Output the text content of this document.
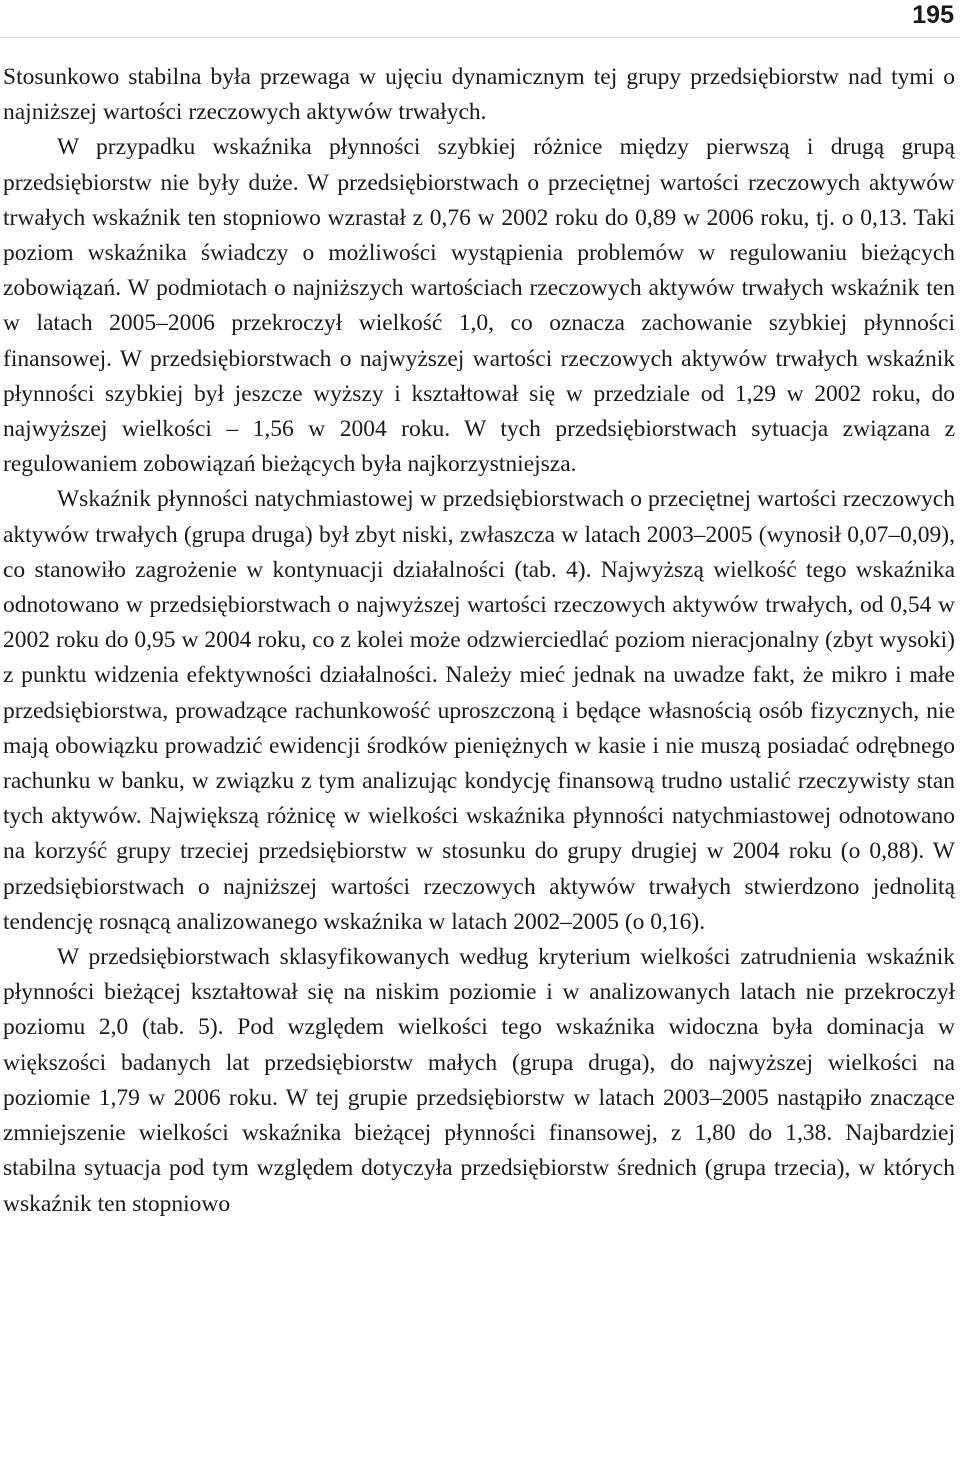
195

Stosunkowo stabilna była przewaga w ujęciu dynamicznym tej grupy przedsiębiorstw nad tymi o najniższej wartości rzeczowych aktywów trwałych.

W przypadku wskaźnika płynności szybkiej różnice między pierwszą i drugą grupą przedsiębiorstw nie były duże. W przedsiębiorstwach o przeciętnej wartości rzeczowych aktywów trwałych wskaźnik ten stopniowo wzrastał z 0,76 w 2002 roku do 0,89 w 2006 roku, tj. o 0,13. Taki poziom wskaźnika świadczy o możliwości wystąpienia problemów w regulowaniu bieżących zobowiązań. W podmiotach o najniższych wartościach rzeczowych aktywów trwałych wskaźnik ten w latach 2005–2006 przekroczył wielkość 1,0, co oznacza zachowanie szybkiej płynności finansowej. W przedsiębiorstwach o najwyższej wartości rzeczowych aktywów trwałych wskaźnik płynności szybkiej był jeszcze wyższy i kształtował się w przedziale od 1,29 w 2002 roku, do najwyższej wielkości – 1,56 w 2004 roku. W tych przedsiębiorstwach sytuacja związana z regulowaniem zobowiązań bieżących była najkorzystniejsza.

Wskaźnik płynności natychmiastowej w przedsiębiorstwach o przeciętnej wartości rzeczowych aktywów trwałych (grupa druga) był zbyt niski, zwłaszcza w latach 2003–2005 (wynosił 0,07–0,09), co stanowiło zagrożenie w kontynuacji działalności (tab. 4). Najwyższą wielkość tego wskaźnika odnotowano w przedsiębiorstwach o najwyższej wartości rzeczowych aktywów trwałych, od 0,54 w 2002 roku do 0,95 w 2004 roku, co z kolei może odzwierciedlać poziom nieracjonalny (zbyt wysoki) z punktu widzenia efektywności działalności. Należy mieć jednak na uwadze fakt, że mikro i małe przedsiębiorstwa, prowadzące rachunkowość uproszczoną i będące własnością osób fizycznych, nie mają obowiązku prowadzić ewidencji środków pieniężnych w kasie i nie muszą posiadać odrębnego rachunku w banku, w związku z tym analizując kondycję finansową trudno ustalić rzeczywisty stan tych aktywów. Największą różnicę w wielkości wskaźnika płynności natychmiastowej odnotowano na korzyść grupy trzeciej przedsiębiorstw w stosunku do grupy drugiej w 2004 roku (o 0,88). W przedsiębiorstwach o najniższej wartości rzeczowych aktywów trwałych stwierdzono jednolitą tendencję rosnącą analizowanego wskaźnika w latach 2002–2005 (o 0,16).

W przedsiębiorstwach sklasyfikowanych według kryterium wielkości zatrudnienia wskaźnik płynności bieżącej kształtował się na niskim poziomie i w analizowanych latach nie przekroczył poziomu 2,0 (tab. 5). Pod względem wielkości tego wskaźnika widoczna była dominacja w większości badanych lat przedsiębiorstw małych (grupa druga), do najwyższej wielkości na poziomie 1,79 w 2006 roku. W tej grupie przedsiębiorstw w latach 2003–2005 nastąpiło znaczące zmniejszenie wielkości wskaźnika bieżącej płynności finansowej, z 1,80 do 1,38. Najbardziej stabilna sytuacja pod tym względem dotyczyła przedsiębiorstw średnich (grupa trzecia), w których wskaźnik ten stopniowo
